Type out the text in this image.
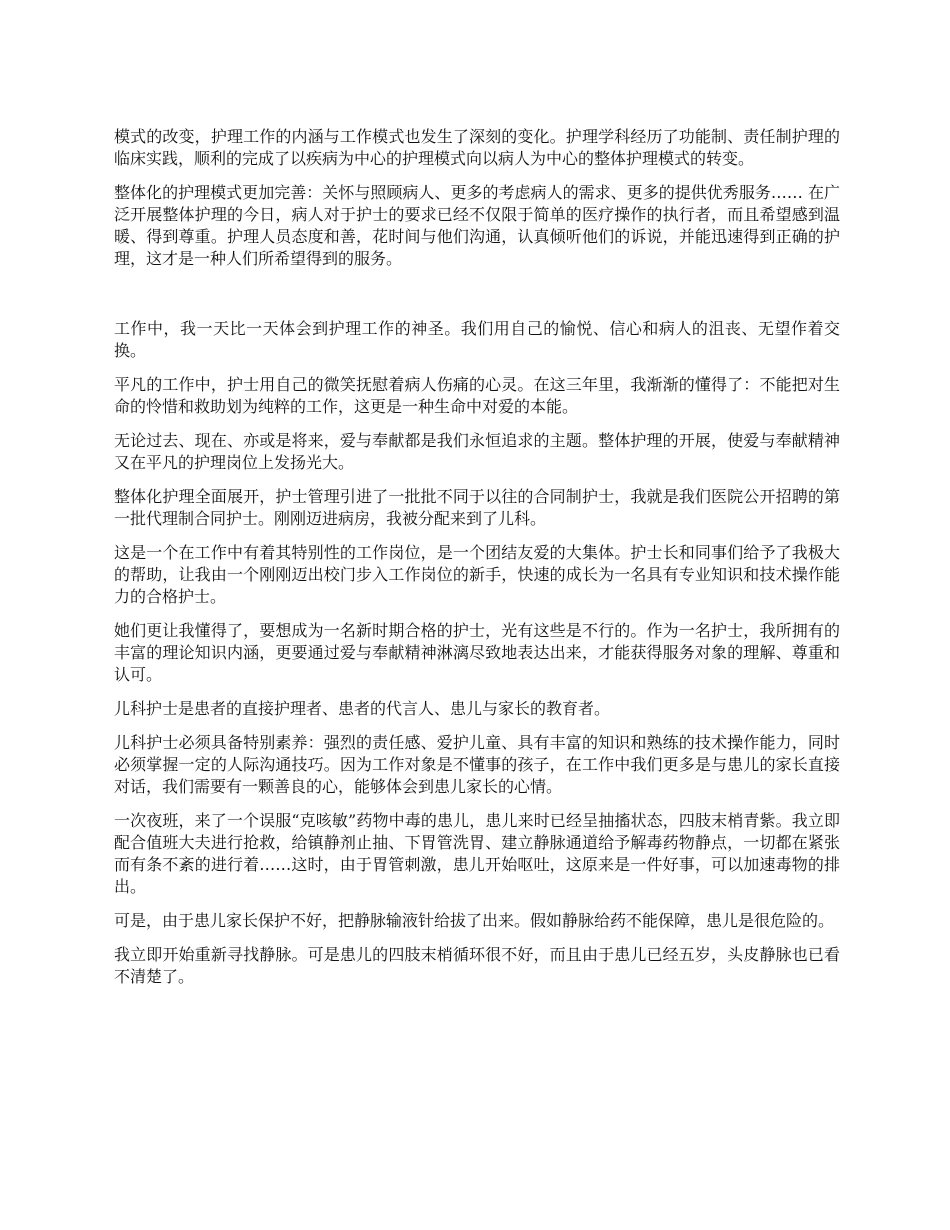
模式的改变，护理工作的内涵与工作模式也发生了深刻的变化。护理学科经历了功能制、责任制护理的临床实践，顺利的完成了以疾病为中心的护理模式向以病人为中心的整体护理模式的转变。

整体化的护理模式更加完善：关怀与照顾病人、更多的考虑病人的需求、更多的提供优秀服务…… 在广泛开展整体护理的今日，病人对于护士的要求已经不仅限于简单的医疗操作的执行者，而且希望感到温暖、得到尊重。护理人员态度和善，花时间与他们沟通，认真倾听他们的诉说，并能迅速得到正确的护理，这才是一种人们所希望得到的服务。

工作中，我一天比一天体会到护理工作的神圣。我们用自己的愉悦、信心和病人的沮丧、无望作着交换。

平凡的工作中，护士用自己的微笑抚慰着病人伤痛的心灵。在这三年里，我渐渐的懂得了：不能把对生命的怜惜和救助划为纯粹的工作，这更是一种生命中对爱的本能。

无论过去、现在、亦或是将来，爱与奉献都是我们永恒追求的主题。整体护理的开展，使爱与奉献精神又在平凡的护理岗位上发扬光大。

整体化护理全面展开，护士管理引进了一批批不同于以往的合同制护士，我就是我们医院公开招聘的第一批代理制合同护士。刚刚迈进病房，我被分配来到了儿科。

这是一个在工作中有着其特别性的工作岗位，是一个团结友爱的大集体。护士长和同事们给予了我极大的帮助，让我由一个刚刚迈出校门步入工作岗位的新手，快速的成长为一名具有专业知识和技术操作能力的合格护士。

她们更让我懂得了，要想成为一名新时期合格的护士，光有这些是不行的。作为一名护士，我所拥有的丰富的理论知识内涵，更要通过爱与奉献精神淋漓尽致地表达出来，才能获得服务对象的理解、尊重和认可。

儿科护士是患者的直接护理者、患者的代言人、患儿与家长的教育者。

儿科护士必须具备特别素养：强烈的责任感、爱护儿童、具有丰富的知识和熟练的技术操作能力，同时必须掌握一定的人际沟通技巧。因为工作对象是不懂事的孩子，在工作中我们更多是与患儿的家长直接对话，我们需要有一颗善良的心，能够体会到患儿家长的心情。

一次夜班，来了一个误服“克咳敏”药物中毒的患儿，患儿来时已经呈抽搐状态，四肢末梢青紫。我立即配合值班大夫进行抢救，给镇静剂止抽、下胃管洗胃、建立静脉通道给予解毒药物静点，一切都在紧张而有条不紊的进行着……这时，由于胃管刺激，患儿开始呕吐，这原来是一件好事，可以加速毒物的排出。

可是，由于患儿家长保护不好，把静脉输液针给拔了出来。假如静脉给药不能保障，患儿是很危险的。

我立即开始重新寻找静脉。可是患儿的四肢末梢循环很不好，而且由于患儿已经五岁，头皮静脉也已看不清楚了。
